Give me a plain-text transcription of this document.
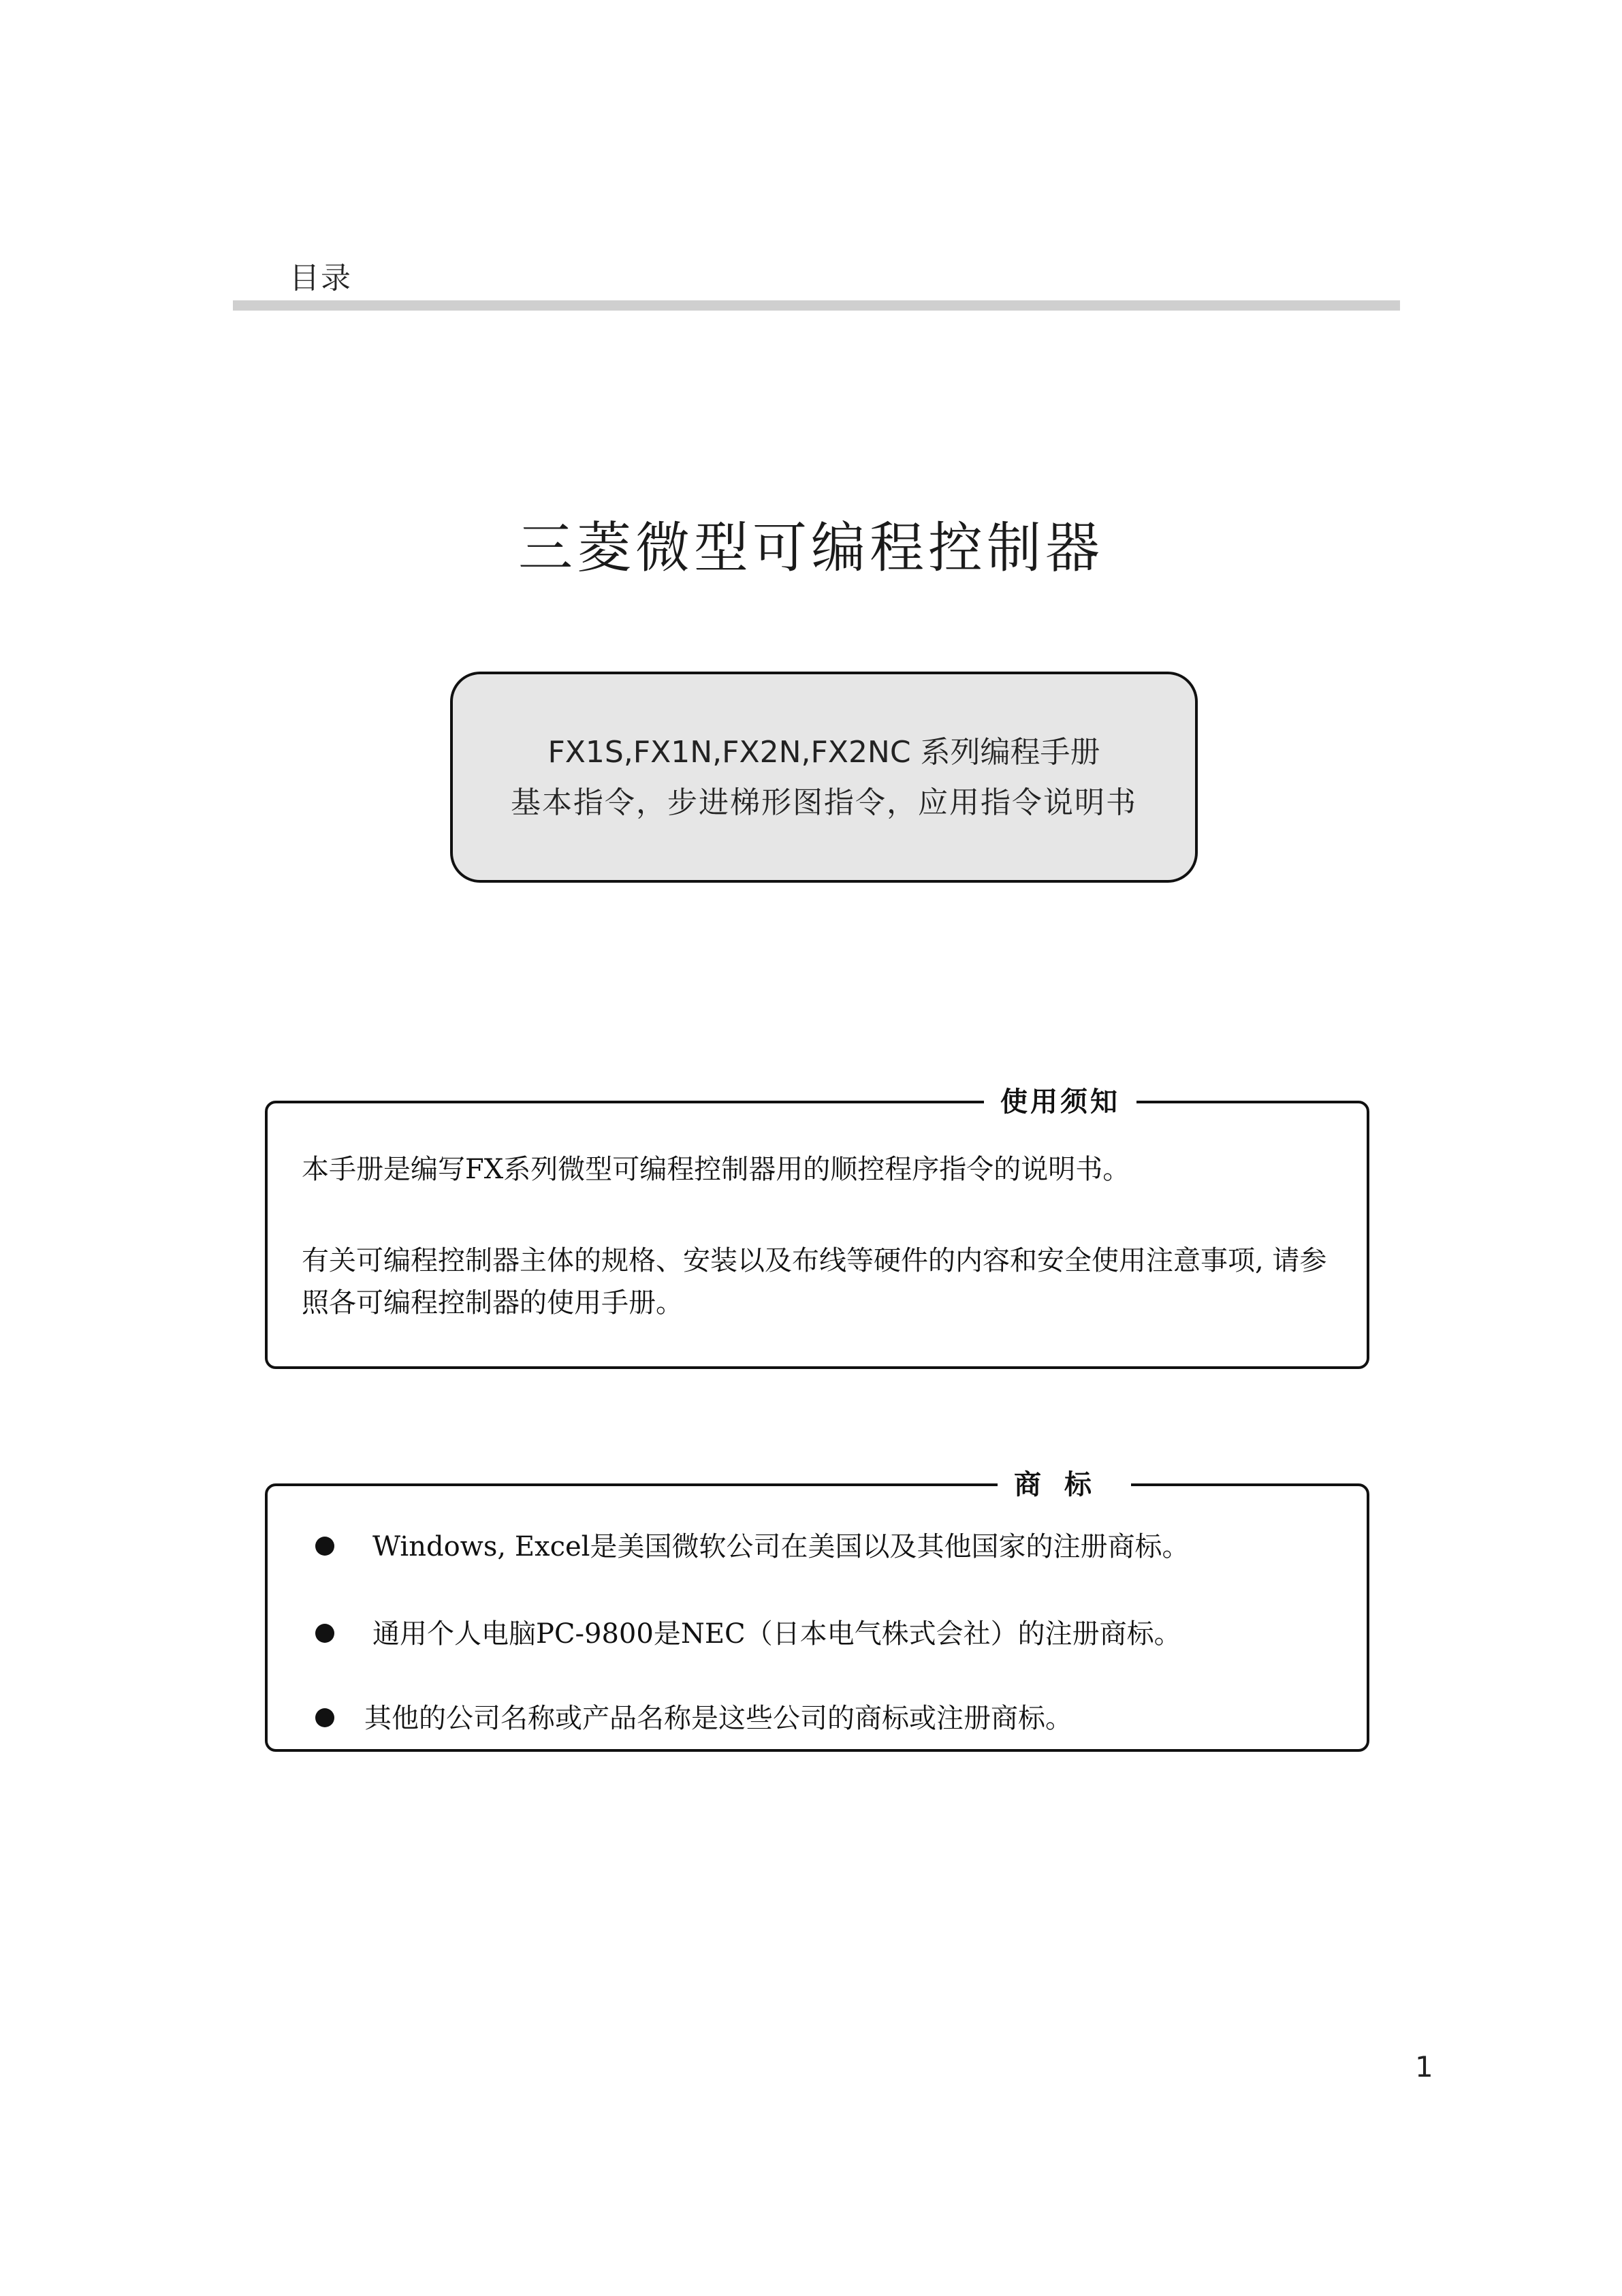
目录
三菱微型可编程控制器
FX1S,FX1N,FX2N,FX2NC 系列编程手册
基本指令，步进梯形图指令，应用指令说明书
使用须知
本手册是编写FX系列微型可编程控制器用的顺控程序指令的说明书。
有关可编程控制器主体的规格、安装以及布线等硬件的内容和安全使用注意事项, 请参照各可编程控制器的使用手册。
商标
Windows, Excel是美国微软公司在美国以及其他国家的注册商标。
通用个人电脑PC-9800是NEC（日本电气株式会社）的注册商标。
其他的公司名称或产品名称是这些公司的商标或注册商标。
1
